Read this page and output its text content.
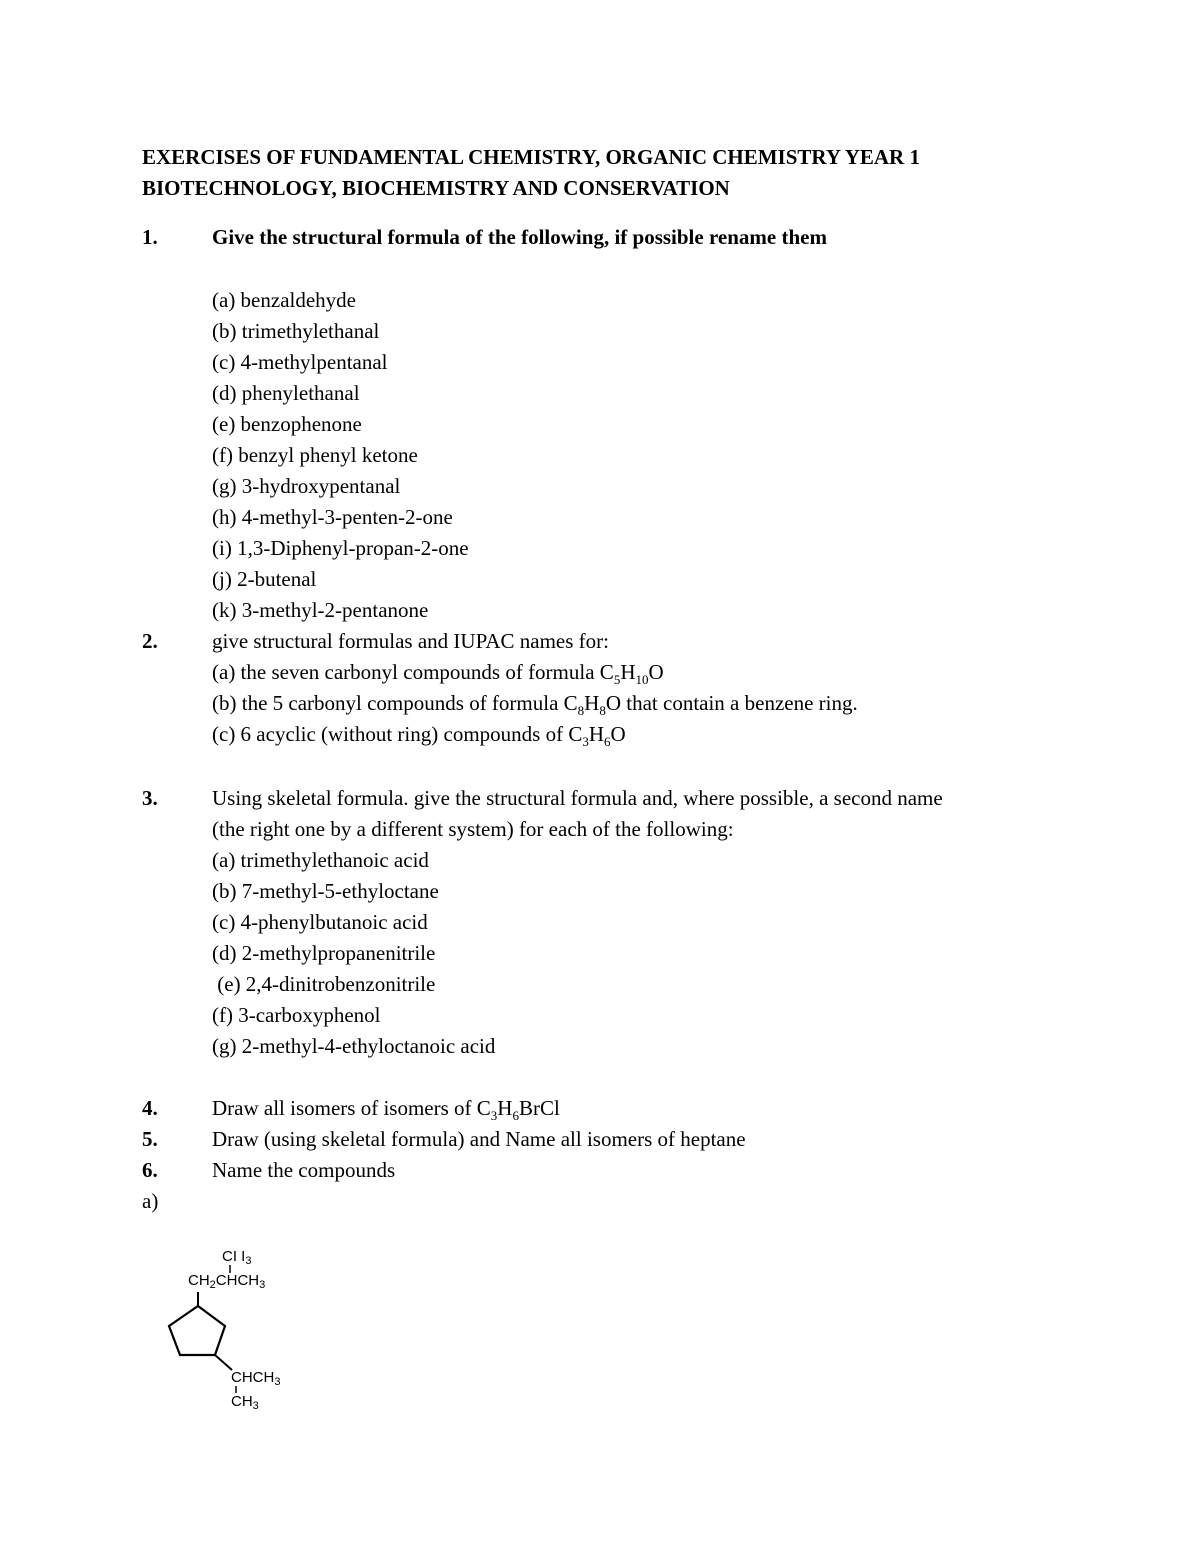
EXERCISES OF FUNDAMENTAL CHEMISTRY, ORGANIC CHEMISTRY YEAR 1
BIOTECHNOLOGY, BIOCHEMISTRY AND CONSERVATION
1.	Give the structural formula of the following, if possible rename them
(a) benzaldehyde
(b) trimethylethanal
(c) 4-methylpentanal
(d) phenylethanal
(e) benzophenone
(f) benzyl phenyl ketone
(g) 3-hydroxypentanal
(h) 4-methyl-3-penten-2-one
(i) 1,3-Diphenyl-propan-2-one
(j) 2-butenal
(k) 3-methyl-2-pentanone
2.	give structural formulas and IUPAC names for:
(a) the seven carbonyl compounds of formula $C_5H_{10}O$
(b) the 5 carbonyl compounds of formula $C_8H_8O$ that contain a benzene ring.
(c) 6 acyclic (without ring) compounds of $C_3H_6O$
3.	Using skeletal formula. give the structural formula and, where possible, a second name
(the right one by a different system) for each of the following:
(a) trimethylethanoic acid
(b) 7-methyl-5-ethyloctane
(c) 4-phenylbutanoic acid
(d) 2-methylpropanenitrile
(e) 2,4-dinitrobenzonitrile
(f) 3-carboxyphenol
(g) 2-methyl-4-ethyloctanoic acid
4.	Draw all isomers of isomers of $C_3H_6BrCl$
5.	Draw (using skeletal formula) and Name all isomers of heptane
6.	Name the compounds
a)
CI $I_3$
$CH_2CHCH_3$
$CHCH_3$
$CH_3$
